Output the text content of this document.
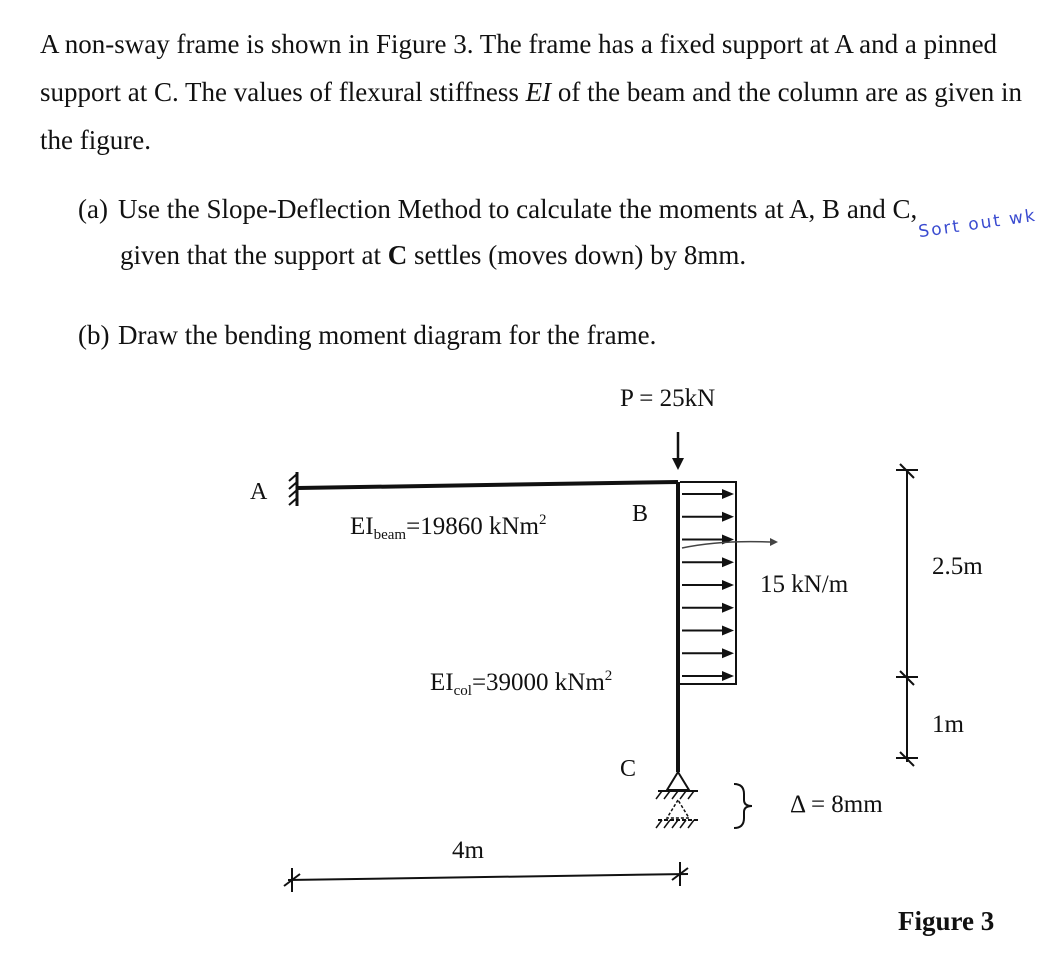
A non-sway frame is shown in Figure 3. The frame has a fixed support at A and a pinned support at C. The values of flexural stiffness EI of the beam and the column are as given in the figure.

(a) Use the Slope-Deflection Method to calculate the moments at A, B and C,
given that the support at C settles (moves down) by 8mm.

Sort out wk

(b) Draw the bending moment diagram for the frame.

A
P = 25kN
B
$EI_{beam}=19860$ kNm$^2$
15 kN/m
$EI_{col}=39000$ kNm$^2$
C
Δ = 8mm
2.5m
1m
4m
Figure 3
